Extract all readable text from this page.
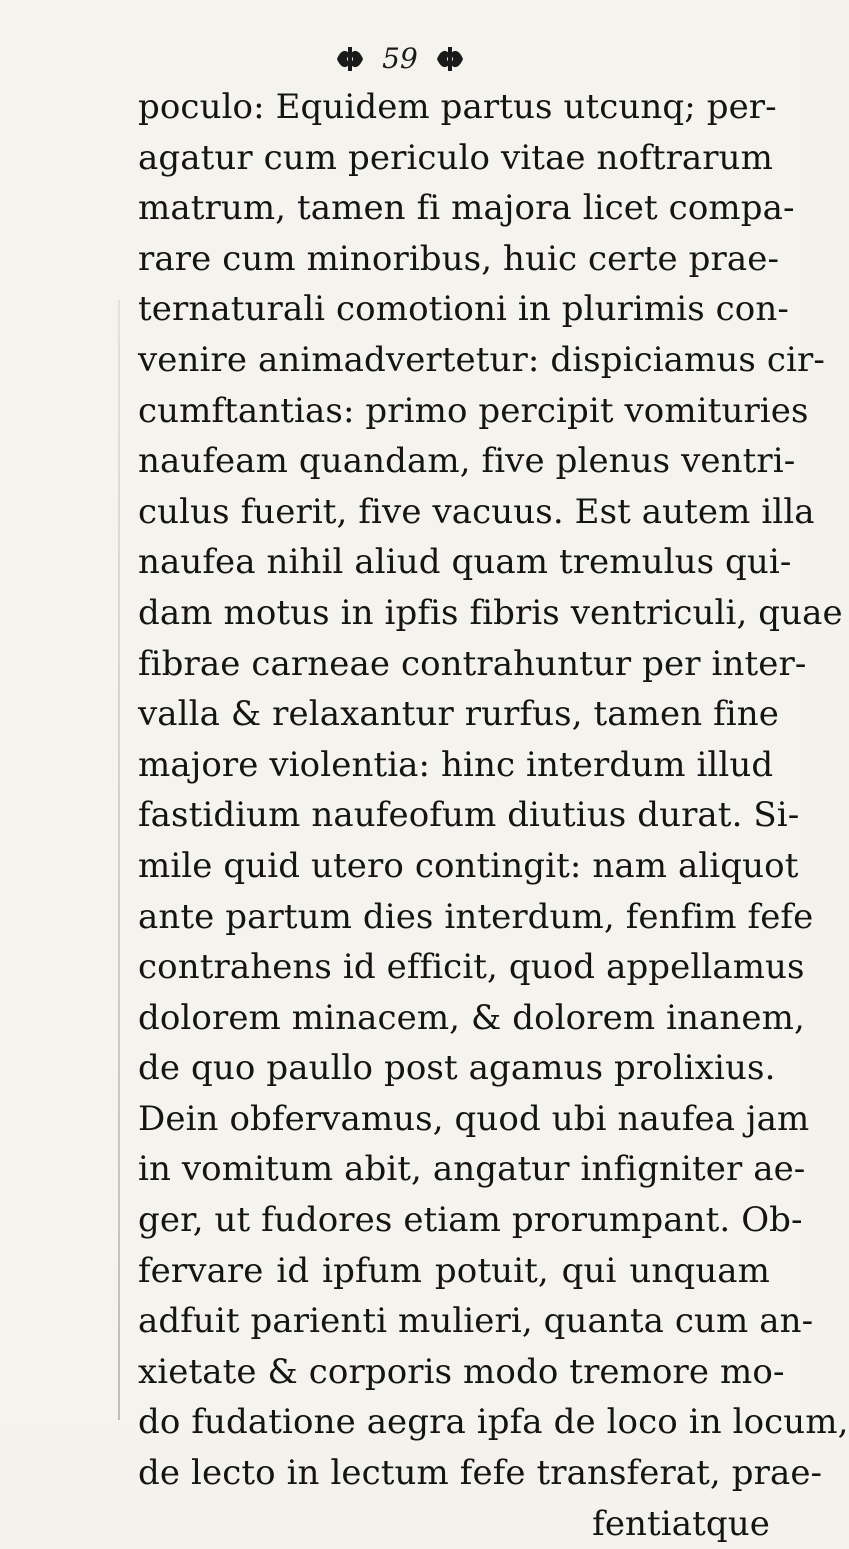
59
poculo: Equidem partus utcunq; per-
agatur cum periculo vitae noftrarum
matrum, tamen fi majora licet compa-
rare cum minoribus, huic certe prae-
ternaturali comotioni in plurimis con-
venire animadvertetur: dispiciamus cir-
cumftantias: primo percipit vomituries
naufeam quandam, five plenus ventri-
culus fuerit, five vacuus. Est autem illa
naufea nihil aliud quam tremulus qui-
dam motus in ipfis fibris ventriculi, quae
fibrae carneae contrahuntur per inter-
valla & relaxantur rurfus, tamen fine
majore violentia: hinc interdum illud
fastidium naufeofum diutius durat. Si-
mile quid utero contingit: nam aliquot
ante partum dies interdum, fenfim fefe
contrahens id efficit, quod appellamus
dolorem minacem, & dolorem inanem,
de quo paullo post agamus prolixius.
Dein obfervamus, quod ubi naufea jam
in vomitum abit, angatur infigniter ae-
ger, ut fudores etiam prorumpant. Ob-
fervare id ipfum potuit, qui unquam
adfuit parienti mulieri, quanta cum an-
xietate & corporis modo tremore mo-
do fudatione aegra ipfa de loco in locum,
de lecto in lectum fefe transferat, prae-
fentiatque
